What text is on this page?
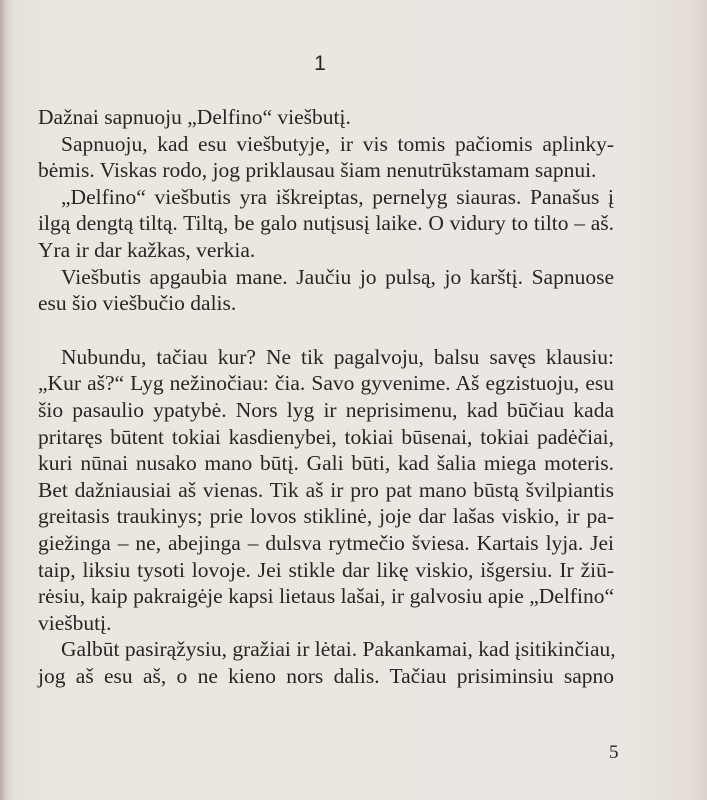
1
Dažnai sapnuoju „Delfino“ viešbutį.
Sapnuoju, kad esu viešbutyje, ir vis tomis pačiomis aplinky-
bėmis. Viskas rodo, jog priklausau šiam nenutrūkstamam sapnui.
„Delfino“ viešbutis yra iškreiptas, pernelyg siauras. Panašus į
ilgą dengtą tiltą. Tiltą, be galo nutįsusį laike. O vidury to tilto – aš.
Yra ir dar kažkas, verkia.
Viešbutis apgaubia mane. Jaučiu jo pulsą, jo karštį. Sapnuose
esu šio viešbučio dalis.
Nubundu, tačiau kur? Ne tik pagalvoju, balsu savęs klausiu:
„Kur aš?“ Lyg nežinočiau: čia. Savo gyvenime. Aš egzistuoju, esu
šio pasaulio ypatybė. Nors lyg ir neprisimenu, kad būčiau kada
pritaręs būtent tokiai kasdienybei, tokiai būsenai, tokiai padėčiai,
kuri nūnai nusako mano būtį. Gali būti, kad šalia miega moteris.
Bet dažniausiai aš vienas. Tik aš ir pro pat mano būstą švilpiantis
greitasis traukinys; prie lovos stiklinė, joje dar lašas viskio, ir pa-
giežinga – ne, abejinga – dulsva rytmečio šviesa. Kartais lyja. Jei
taip, liksiu tysoti lovoje. Jei stikle dar likę viskio, išgersiu. Ir žiū-
rėsiu, kaip pakraigėje kapsi lietaus lašai, ir galvosiu apie „Delfino“
viešbutį.
Galbūt pasirąžysiu, gražiai ir lėtai. Pakankamai, kad įsitikinčiau,
jog aš esu aš, o ne kieno nors dalis. Tačiau prisiminsiu sapno
5
